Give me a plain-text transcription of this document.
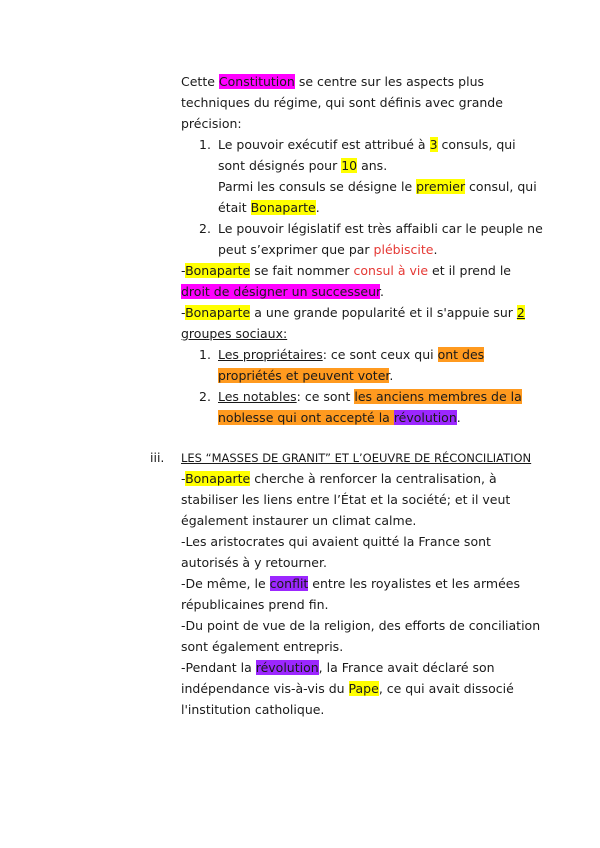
Cette Constitution se centre sur les aspects plus
techniques du régime, qui sont définis avec grande
précision:
1. Le pouvoir exécutif est attribué à 3 consuls, qui
sont désignés pour 10 ans.
Parmi les consuls se désigne le premier consul, qui
était Bonaparte.
2. Le pouvoir législatif est très affaibli car le peuple ne
peut s’exprimer que par plébiscite.
-Bonaparte se fait nommer consul à vie et il prend le
droit de désigner un successeur.
-Bonaparte a une grande popularité et il s'appuie sur 2
groupes sociaux:
1. Les propriétaires: ce sont ceux qui ont des
propriétés et peuvent voter.
2. Les notables: ce sont les anciens membres de la
noblesse qui ont accepté la révolution.
iii. LES “MASSES DE GRANIT” ET L’OEUVRE DE RÉCONCILIATION
-Bonaparte cherche à renforcer la centralisation, à
stabiliser les liens entre l’État et la société; et il veut
également instaurer un climat calme.
-Les aristocrates qui avaient quitté la France sont
autorisés à y retourner.
-De même, le conflit entre les royalistes et les armées
républicaines prend fin.
-Du point de vue de la religion, des efforts de conciliation
sont également entrepris.
-Pendant la révolution, la France avait déclaré son
indépendance vis-à-vis du Pape, ce qui avait dissocié
l'institution catholique.
